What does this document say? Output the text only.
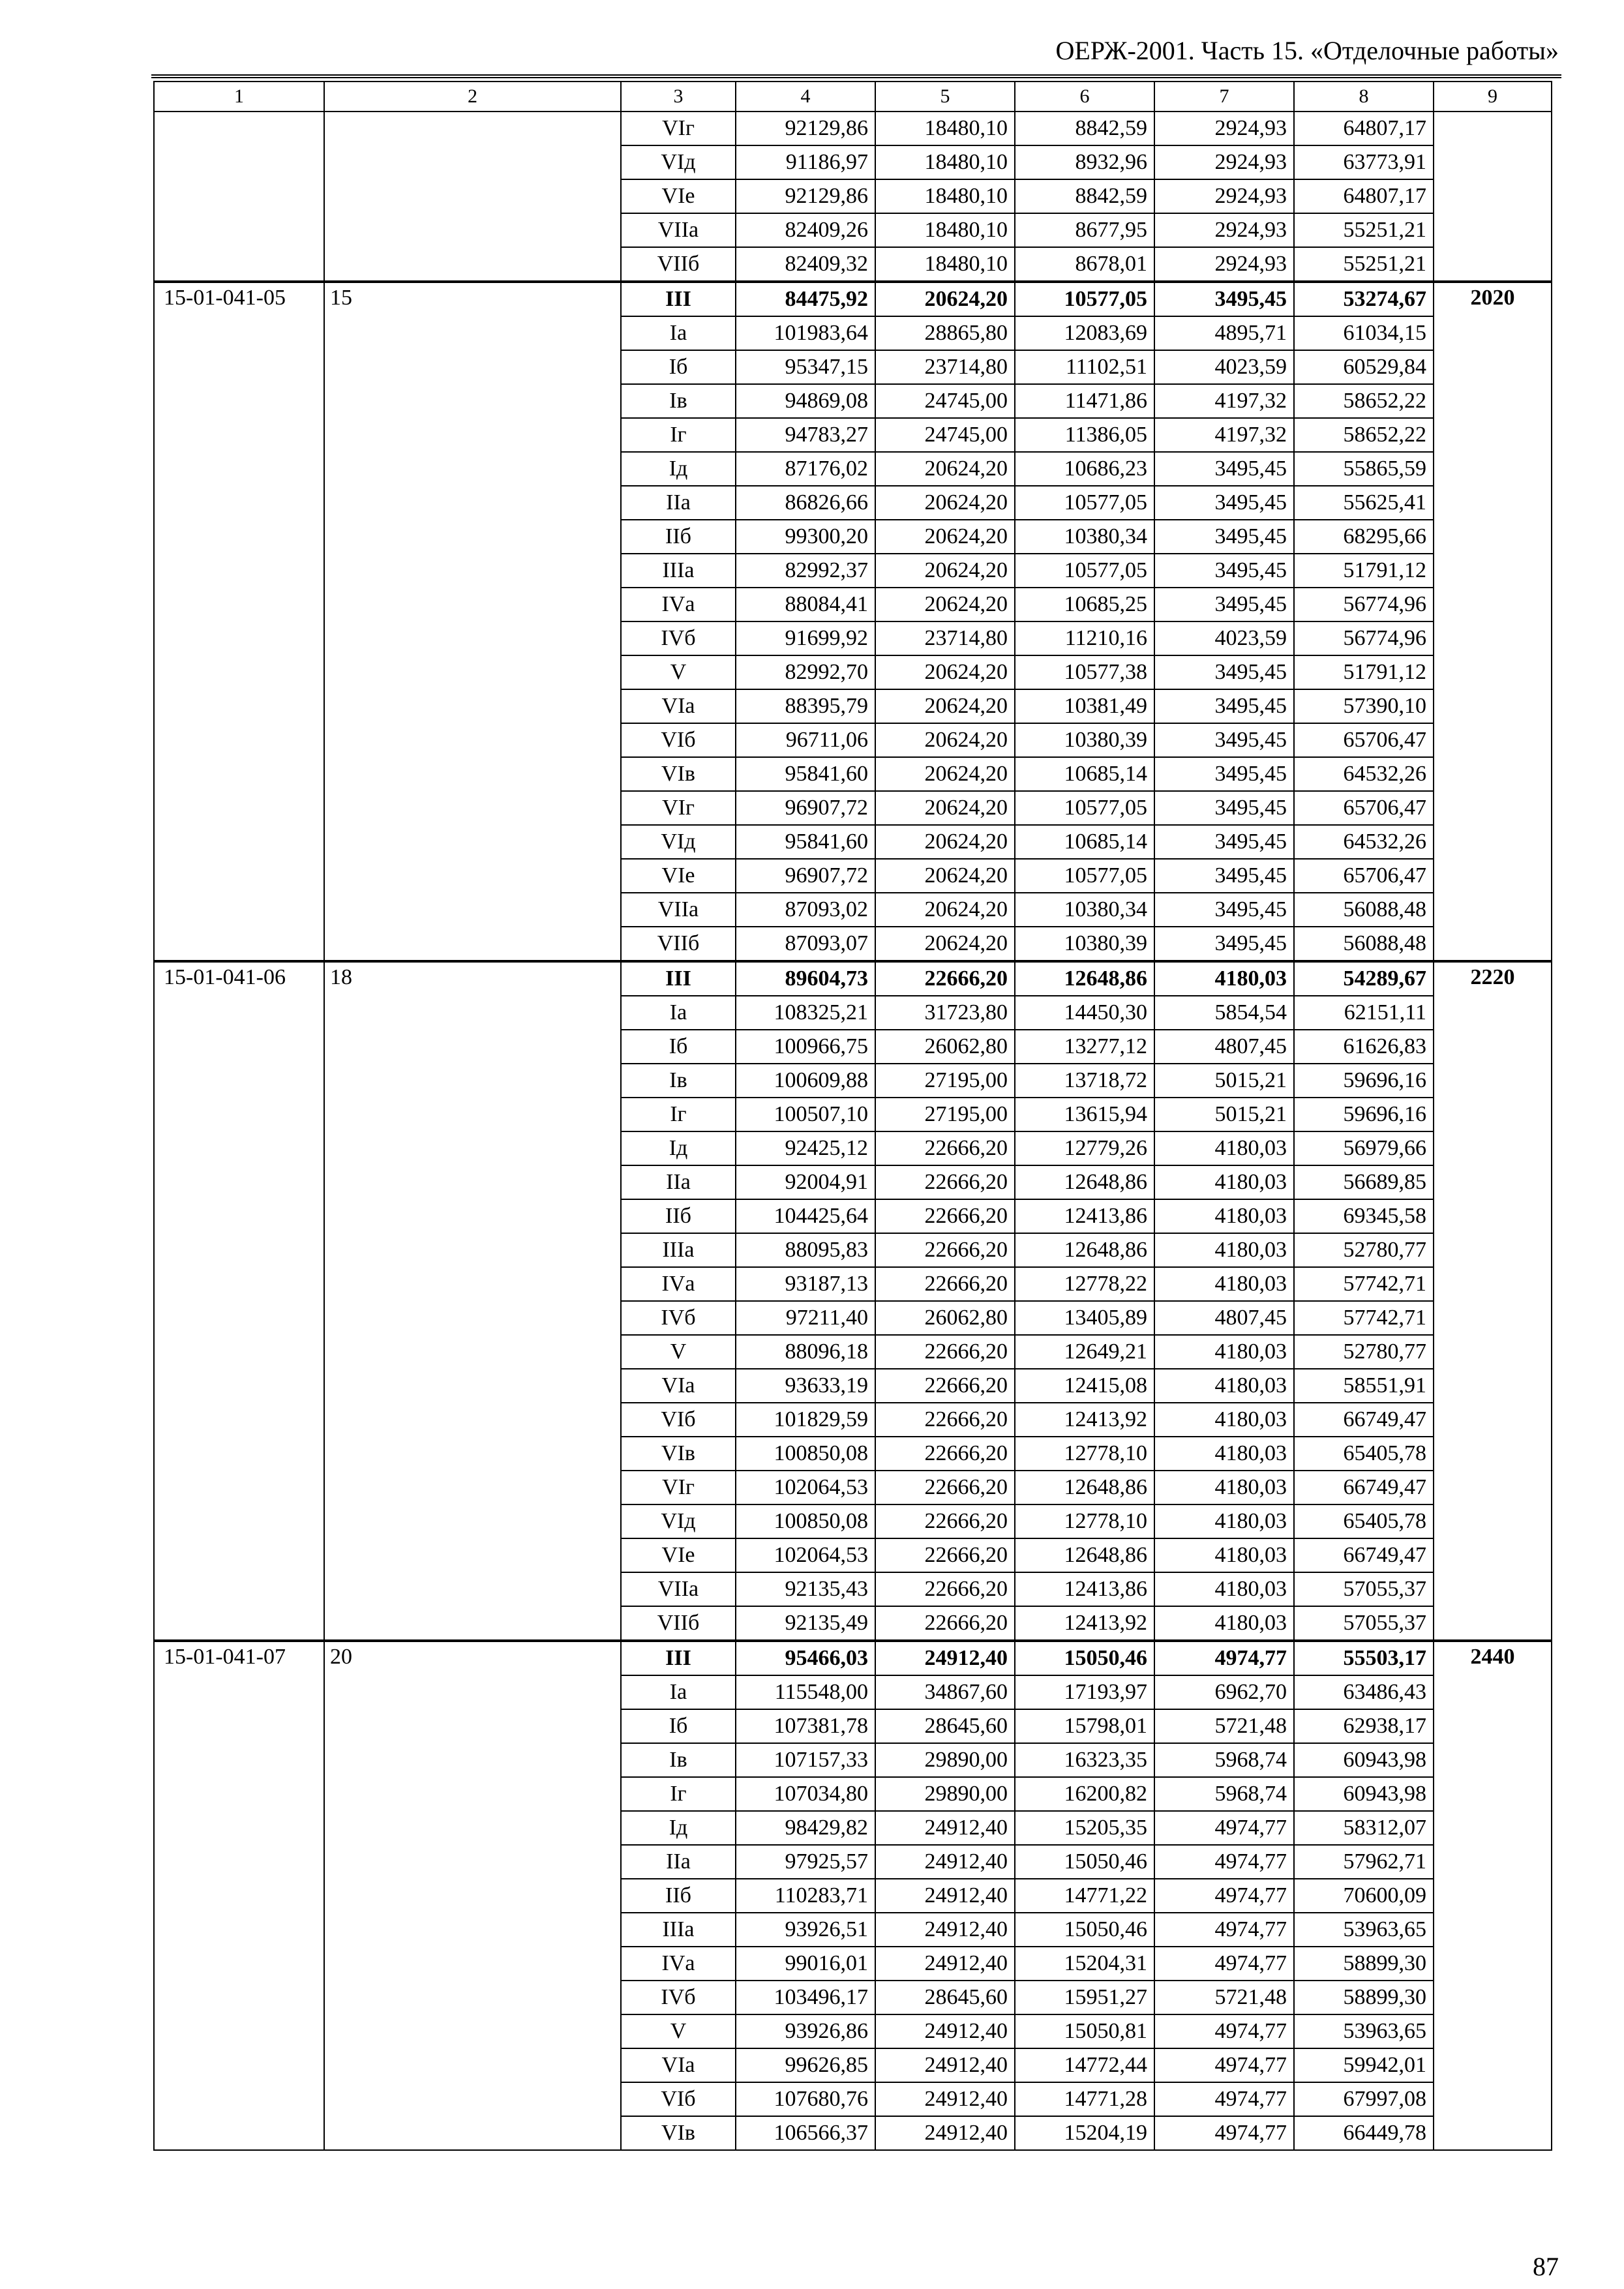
ОЕРЖ-2001. Часть 15. «Отделочные работы»
1	2	3	4	5	6	7	8	9
		VIг	92129,86	18480,10	8842,59	2924,93	64807,17	
		VIд	91186,97	18480,10	8932,96	2924,93	63773,91	
		VIе	92129,86	18480,10	8842,59	2924,93	64807,17	
		VIIа	82409,26	18480,10	8677,95	2924,93	55251,21	
		VIIб	82409,32	18480,10	8678,01	2924,93	55251,21	
15-01-041-05	15	III	84475,92	20624,20	10577,05	3495,45	53274,67	2020
		Iа	101983,64	28865,80	12083,69	4895,71	61034,15	
		Iб	95347,15	23714,80	11102,51	4023,59	60529,84	
		Iв	94869,08	24745,00	11471,86	4197,32	58652,22	
		Iг	94783,27	24745,00	11386,05	4197,32	58652,22	
		Iд	87176,02	20624,20	10686,23	3495,45	55865,59	
		IIа	86826,66	20624,20	10577,05	3495,45	55625,41	
		IIб	99300,20	20624,20	10380,34	3495,45	68295,66	
		IIIа	82992,37	20624,20	10577,05	3495,45	51791,12	
		IVа	88084,41	20624,20	10685,25	3495,45	56774,96	
		IVб	91699,92	23714,80	11210,16	4023,59	56774,96	
		V	82992,70	20624,20	10577,38	3495,45	51791,12	
		VIа	88395,79	20624,20	10381,49	3495,45	57390,10	
		VIб	96711,06	20624,20	10380,39	3495,45	65706,47	
		VIв	95841,60	20624,20	10685,14	3495,45	64532,26	
		VIг	96907,72	20624,20	10577,05	3495,45	65706,47	
		VIд	95841,60	20624,20	10685,14	3495,45	64532,26	
		VIе	96907,72	20624,20	10577,05	3495,45	65706,47	
		VIIа	87093,02	20624,20	10380,34	3495,45	56088,48	
		VIIб	87093,07	20624,20	10380,39	3495,45	56088,48	
15-01-041-06	18	III	89604,73	22666,20	12648,86	4180,03	54289,67	2220
		Iа	108325,21	31723,80	14450,30	5854,54	62151,11	
		Iб	100966,75	26062,80	13277,12	4807,45	61626,83	
		Iв	100609,88	27195,00	13718,72	5015,21	59696,16	
		Iг	100507,10	27195,00	13615,94	5015,21	59696,16	
		Iд	92425,12	22666,20	12779,26	4180,03	56979,66	
		IIа	92004,91	22666,20	12648,86	4180,03	56689,85	
		IIб	104425,64	22666,20	12413,86	4180,03	69345,58	
		IIIа	88095,83	22666,20	12648,86	4180,03	52780,77	
		IVа	93187,13	22666,20	12778,22	4180,03	57742,71	
		IVб	97211,40	26062,80	13405,89	4807,45	57742,71	
		V	88096,18	22666,20	12649,21	4180,03	52780,77	
		VIа	93633,19	22666,20	12415,08	4180,03	58551,91	
		VIб	101829,59	22666,20	12413,92	4180,03	66749,47	
		VIв	100850,08	22666,20	12778,10	4180,03	65405,78	
		VIг	102064,53	22666,20	12648,86	4180,03	66749,47	
		VIд	100850,08	22666,20	12778,10	4180,03	65405,78	
		VIе	102064,53	22666,20	12648,86	4180,03	66749,47	
		VIIа	92135,43	22666,20	12413,86	4180,03	57055,37	
		VIIб	92135,49	22666,20	12413,92	4180,03	57055,37	
15-01-041-07	20	III	95466,03	24912,40	15050,46	4974,77	55503,17	2440
		Iа	115548,00	34867,60	17193,97	6962,70	63486,43	
		Iб	107381,78	28645,60	15798,01	5721,48	62938,17	
		Iв	107157,33	29890,00	16323,35	5968,74	60943,98	
		Iг	107034,80	29890,00	16200,82	5968,74	60943,98	
		Iд	98429,82	24912,40	15205,35	4974,77	58312,07	
		IIа	97925,57	24912,40	15050,46	4974,77	57962,71	
		IIб	110283,71	24912,40	14771,22	4974,77	70600,09	
		IIIа	93926,51	24912,40	15050,46	4974,77	53963,65	
		IVа	99016,01	24912,40	15204,31	4974,77	58899,30	
		IVб	103496,17	28645,60	15951,27	5721,48	58899,30	
		V	93926,86	24912,40	15050,81	4974,77	53963,65	
		VIа	99626,85	24912,40	14772,44	4974,77	59942,01	
		VIб	107680,76	24912,40	14771,28	4974,77	67997,08	
		VIв	106566,37	24912,40	15204,19	4974,77	66449,78	
87
